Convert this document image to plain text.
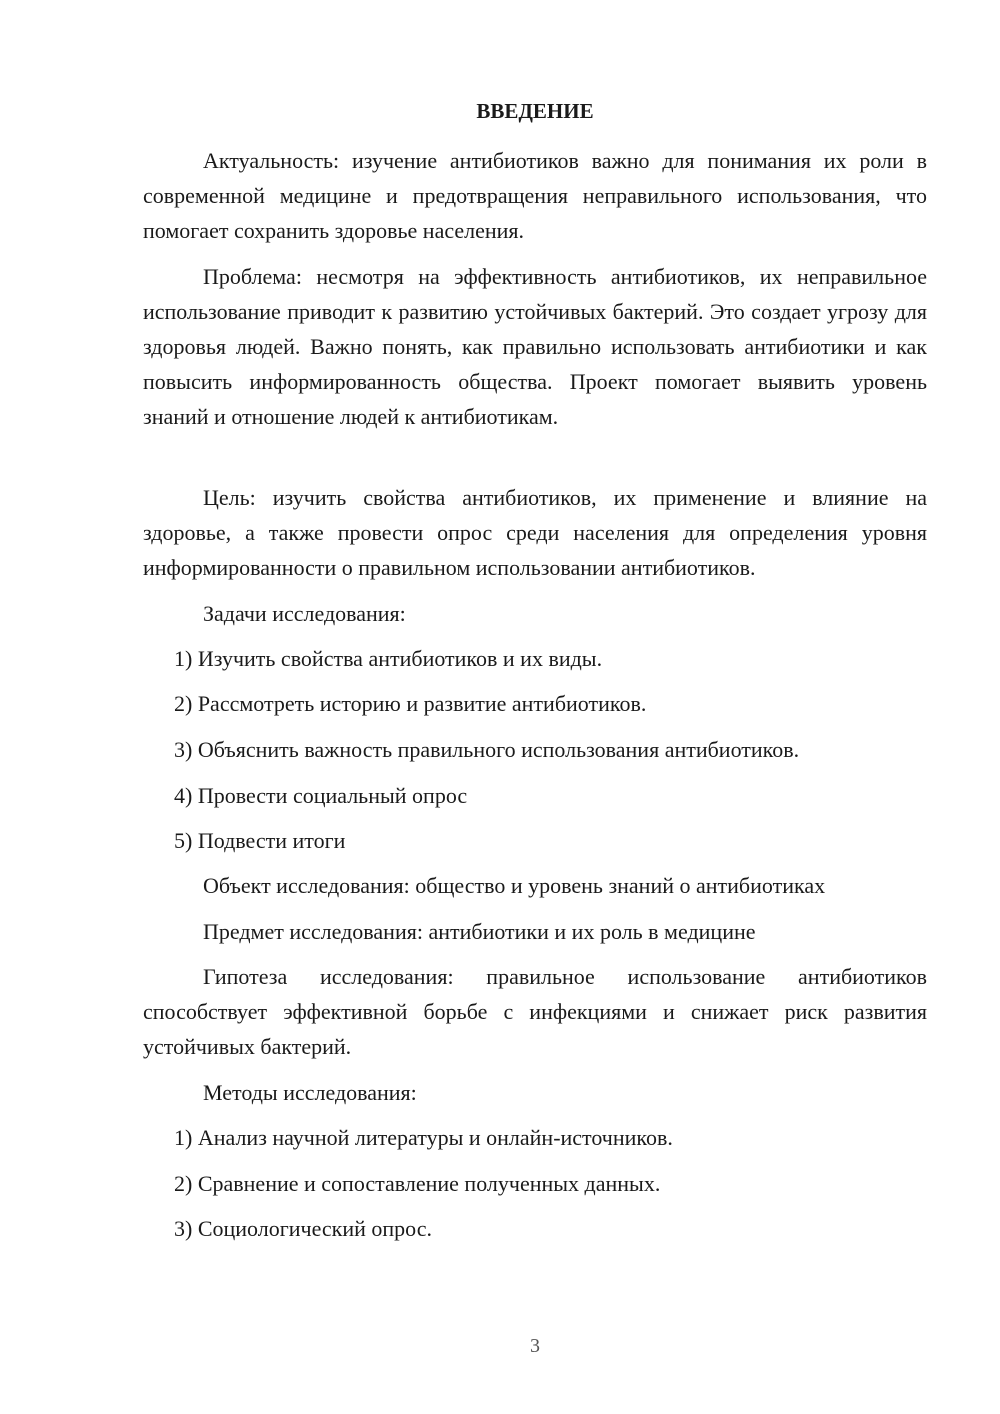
ВВЕДЕНИЕ

Актуальность: изучение антибиотиков важно для понимания их роли в современной медицине и предотвращения неправильного использования, что помогает сохранить здоровье населения.

Проблема: несмотря на эффективность антибиотиков, их неправильное использование приводит к развитию устойчивых бактерий. Это создает угрозу для здоровья людей. Важно понять, как правильно использовать антибиотики и как повысить информированность общества. Проект помогает выявить уровень знаний и отношение людей к антибиотикам.

Цель: изучить свойства антибиотиков, их применение и влияние на здоровье, а также провести опрос среди населения для определения уровня информированности о правильном использовании антибиотиков.

Задачи исследования:

1) Изучить свойства антибиотиков и их виды.

2) Рассмотреть историю и развитие антибиотиков.

3) Объяснить важность правильного использования антибиотиков.

4) Провести социальный опрос

5) Подвести итоги

Объект исследования: общество и уровень знаний о антибиотиках

Предмет исследования: антибиотики и их роль в медицине

Гипотеза исследования: правильное использование антибиотиков способствует эффективной борьбе с инфекциями и снижает риск развития устойчивых бактерий.

Методы исследования:

1) Анализ научной литературы и онлайн-источников.

2) Сравнение и сопоставление полученных данных.

3) Социологический опрос.

3
